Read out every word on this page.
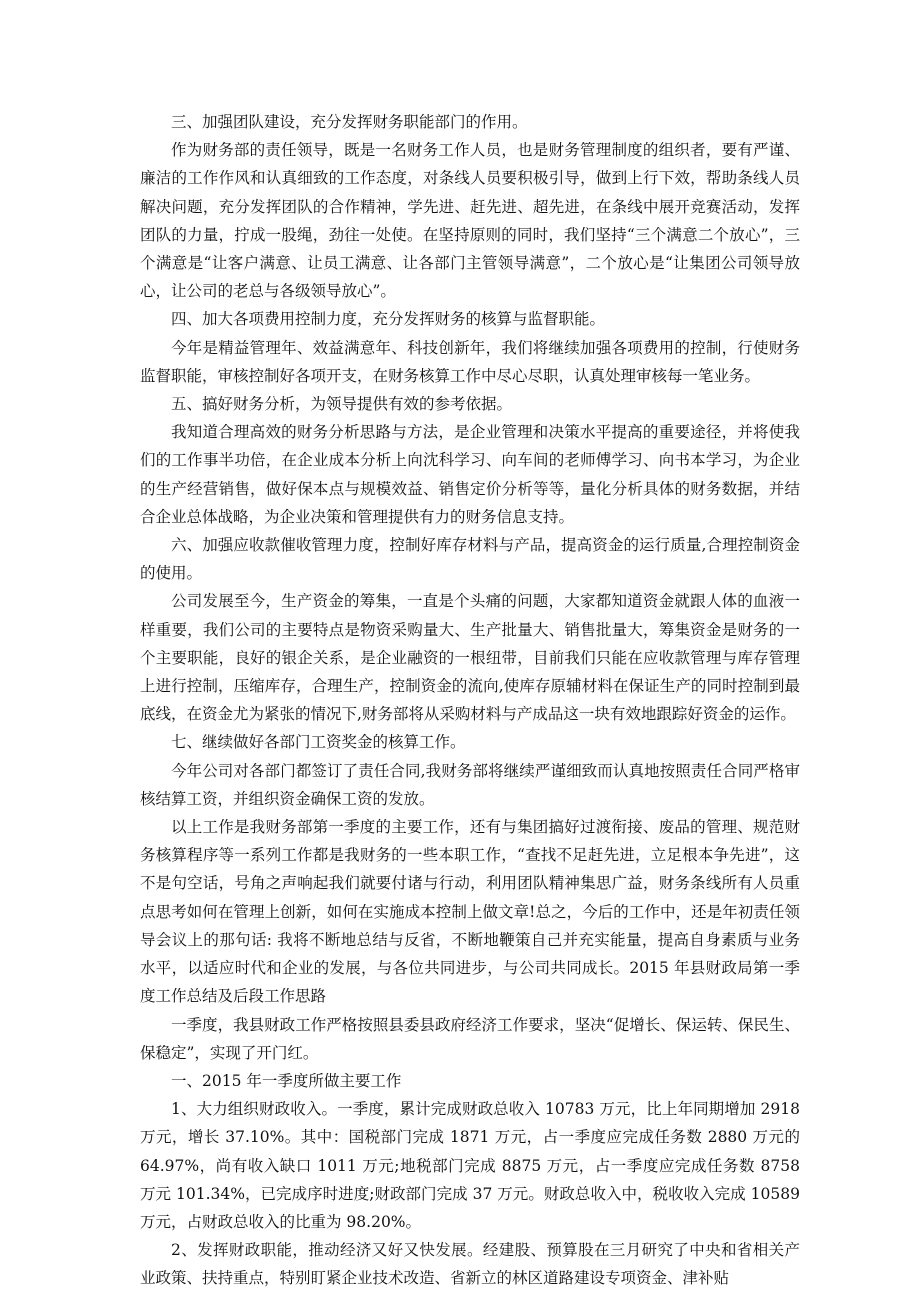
三、加强团队建设，充分发挥财务职能部门的作用。

作为财务部的责任领导，既是一名财务工作人员，也是财务管理制度的组织者，要有严谨、廉洁的工作作风和认真细致的工作态度，对条线人员要积极引导，做到上行下效，帮助条线人员解决问题，充分发挥团队的合作精神，学先进、赶先进、超先进，在条线中展开竞赛活动，发挥团队的力量，拧成一股绳，劲往一处使。在坚持原则的同时，我们坚持“三个满意二个放心”，三个满意是“让客户满意、让员工满意、让各部门主管领导满意”，二个放心是“让集团公司领导放心，让公司的老总与各级领导放心”。

四、加大各项费用控制力度，充分发挥财务的核算与监督职能。

今年是精益管理年、效益满意年、科技创新年，我们将继续加强各项费用的控制，行使财务监督职能，审核控制好各项开支，在财务核算工作中尽心尽职，认真处理审核每一笔业务。

五、搞好财务分析，为领导提供有效的参考依据。

我知道合理高效的财务分析思路与方法，是企业管理和决策水平提高的重要途径，并将使我们的工作事半功倍，在企业成本分析上向沈科学习、向车间的老师傅学习、向书本学习，为企业的生产经营销售，做好保本点与规模效益、销售定价分析等等，量化分析具体的财务数据，并结合企业总体战略，为企业决策和管理提供有力的财务信息支持。

六、加强应收款催收管理力度，控制好库存材料与产品，提高资金的运行质量,合理控制资金的使用。

公司发展至今，生产资金的筹集，一直是个头痛的问题，大家都知道资金就跟人体的血液一样重要，我们公司的主要特点是物资采购量大、生产批量大、销售批量大，筹集资金是财务的一个主要职能，良好的银企关系，是企业融资的一根纽带，目前我们只能在应收款管理与库存管理上进行控制，压缩库存，合理生产，控制资金的流向,使库存原辅材料在保证生产的同时控制到最底线，在资金尤为紧张的情况下,财务部将从采购材料与产成品这一块有效地跟踪好资金的运作。

七、继续做好各部门工资奖金的核算工作。

今年公司对各部门都签订了责任合同,我财务部将继续严谨细致而认真地按照责任合同严格审核结算工资，并组织资金确保工资的发放。

以上工作是我财务部第一季度的主要工作，还有与集团搞好过渡衔接、废品的管理、规范财务核算程序等一系列工作都是我财务的一些本职工作，“查找不足赶先进，立足根本争先进”，这不是句空话，号角之声响起我们就要付诸与行动，利用团队精神集思广益，财务条线所有人员重点思考如何在管理上创新，如何在实施成本控制上做文章!总之，今后的工作中，还是年初责任领导会议上的那句话: 我将不断地总结与反省，不断地鞭策自己并充实能量，提高自身素质与业务水平，以适应时代和企业的发展，与各位共同进步，与公司共同成长。2015 年县财政局第一季度工作总结及后段工作思路

一季度，我县财政工作严格按照县委县政府经济工作要求，坚决“促增长、保运转、保民生、保稳定”，实现了开门红。

一、2015 年一季度所做主要工作

1、大力组织财政收入。一季度，累计完成财政总收入 10783 万元，比上年同期增加 2918 万元，增长 37.10%。其中：国税部门完成 1871 万元，占一季度应完成任务数 2880 万元的 64.97%，尚有收入缺口 1011 万元;地税部门完成 8875 万元，占一季度应完成任务数 8758 万元 101.34%，已完成序时进度;财政部门完成 37 万元。财政总收入中，税收收入完成 10589 万元，占财政总收入的比重为 98.20%。

2、发挥财政职能，推动经济又好又快发展。经建股、预算股在三月研究了中央和省相关产业政策、扶持重点，特别盯紧企业技术改造、省新立的林区道路建设专项资金、津补贴
